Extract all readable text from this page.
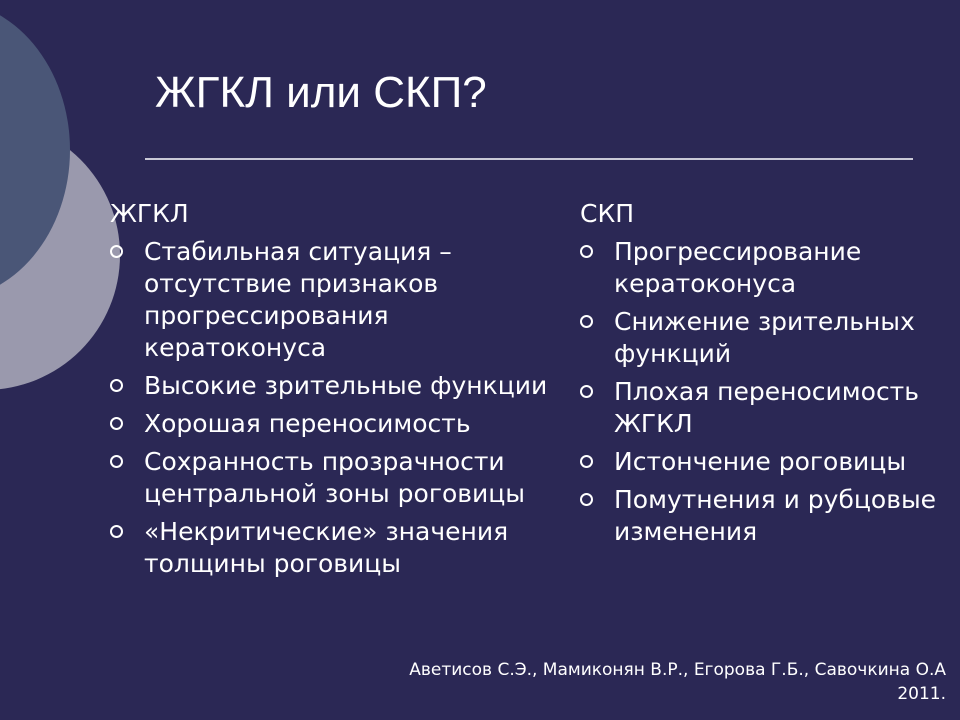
ЖГКЛ или СКП?
ЖГКЛ
Стабильная ситуация – отсутствие признаков прогрессирования кератоконуса
Высокие зрительные функции
Хорошая переносимость
Сохранность прозрачности центральной зоны роговицы
«Некритические» значения толщины роговицы
СКП
Прогрессирование кератоконуса
Снижение зрительных функций
Плохая переносимость ЖГКЛ
Истончение роговицы
Помутнения и рубцовые изменения
Аветисов С.Э., Мамиконян В.Р., Егорова Г.Б., Савочкина О.А
2011.
